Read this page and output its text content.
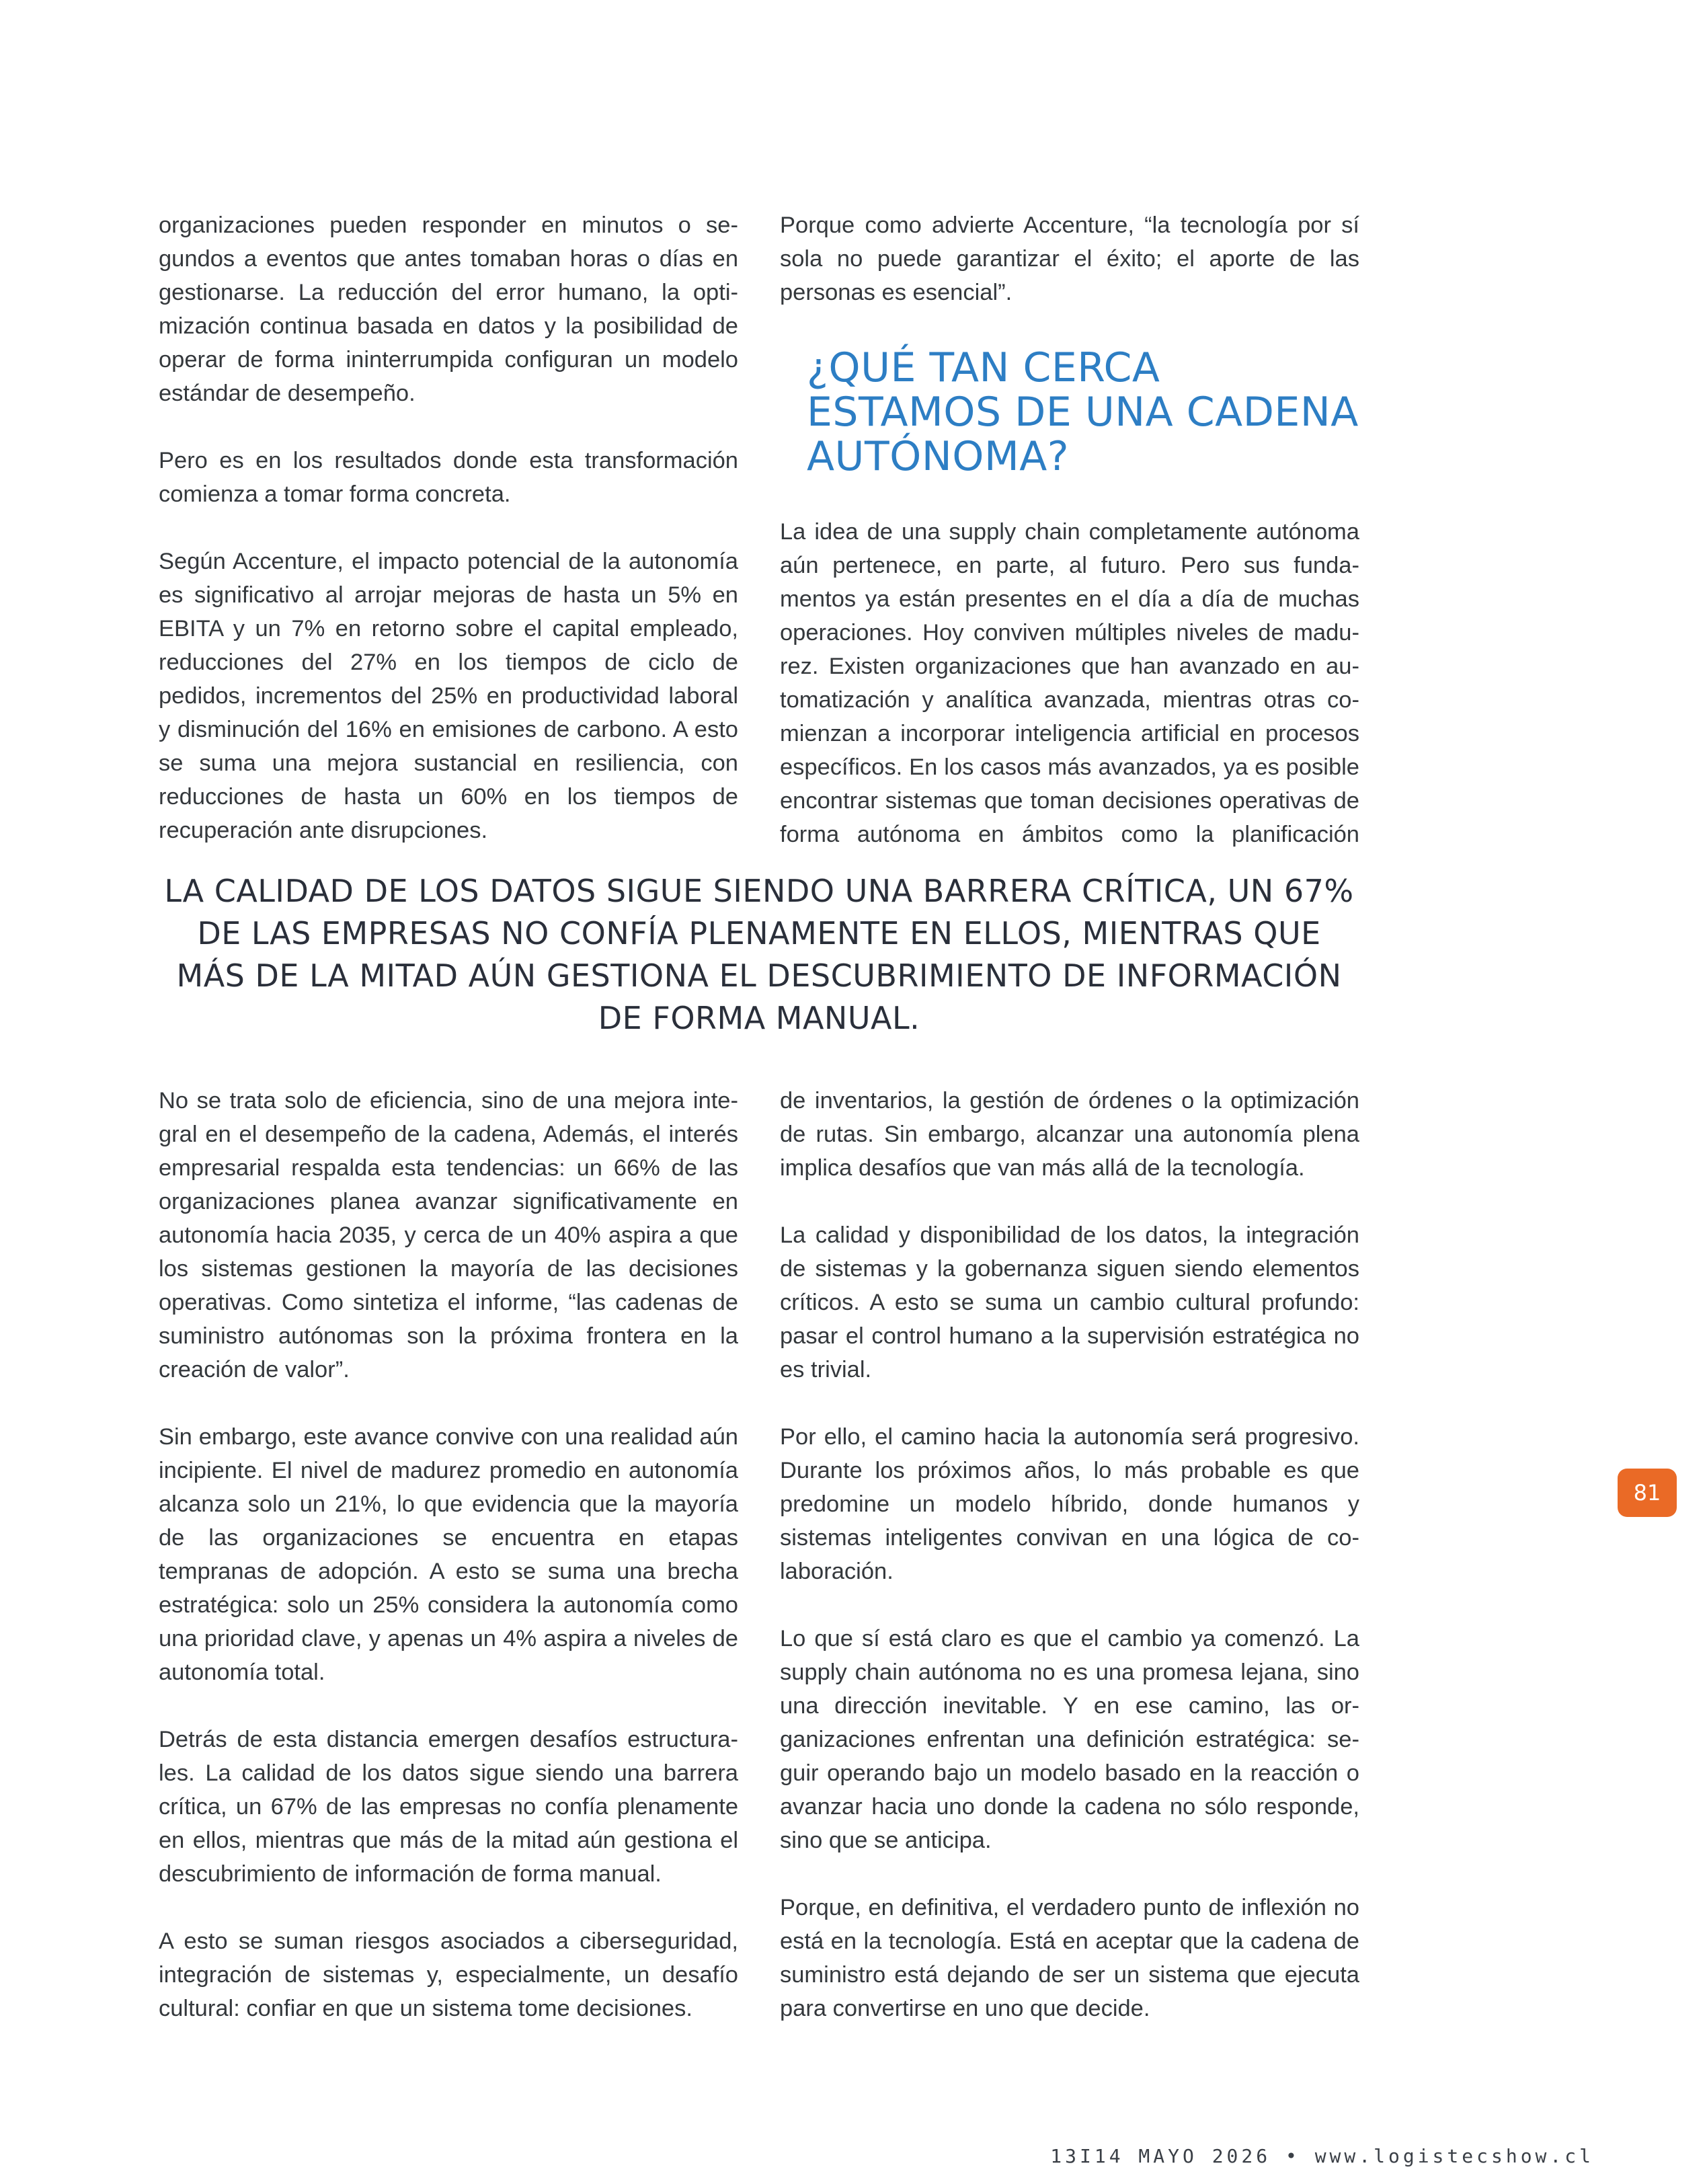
organizaciones pueden responder en minutos o segundos a eventos que antes tomaban horas o días en gestionarse. La reducción del error humano, la optimización continua basada en datos y la posibilidad de operar de forma ininterrumpida configuran un modelo estándar de desempeño.

Pero es en los resultados donde esta transformación comienza a tomar forma concreta.

Según Accenture, el impacto potencial de la autonomía es significativo al arrojar mejoras de hasta un 5% en EBITA y un 7% en retorno sobre el capital empleado, reducciones del 27% en los tiempos de ciclo de pedidos, incrementos del 25% en productividad laboral y disminución del 16% en emisiones de carbono. A esto se suma una mejora sustancial en resiliencia, con reducciones de hasta un 60% en los tiempos de recuperación ante disrupciones.

Porque como advierte Accenture, “la tecnología por sí sola no puede garantizar el éxito; el aporte de las personas es esencial”.

¿QUÉ TAN CERCA ESTAMOS DE UNA CADENA AUTÓNOMA?

La idea de una supply chain completamente autónoma aún pertenece, en parte, al futuro. Pero sus fundamentos ya están presentes en el día a día de muchas operaciones. Hoy conviven múltiples niveles de madurez. Existen organizaciones que han avanzado en automatización y analítica avanzada, mientras otras comienzan a incorporar inteligencia artificial en procesos específicos. En los casos más avanzados, ya es posible encontrar sistemas que toman decisiones operativas de forma autónoma en ámbitos como la planificación

LA CALIDAD DE LOS DATOS SIGUE SIENDO UNA BARRERA CRÍTICA, UN 67% DE LAS EMPRESAS NO CONFÍA PLENAMENTE EN ELLOS, MIENTRAS QUE MÁS DE LA MITAD AÚN GESTIONA EL DESCUBRIMIENTO DE INFORMACIÓN DE FORMA MANUAL.

No se trata solo de eficiencia, sino de una mejora integral en el desempeño de la cadena, Además, el interés empresarial respalda esta tendencias: un 66% de las organizaciones planea avanzar significativamente en autonomía hacia 2035, y cerca de un 40% aspira a que los sistemas gestionen la mayoría de las decisiones operativas. Como sintetiza el informe, “las cadenas de suministro autónomas son la próxima frontera en la creación de valor”.

Sin embargo, este avance convive con una realidad aún incipiente. El nivel de madurez promedio en autonomía alcanza solo un 21%, lo que evidencia que la mayoría de las organizaciones se encuentra en etapas tempranas de adopción. A esto se suma una brecha estratégica: solo un 25% considera la autonomía como una prioridad clave, y apenas un 4% aspira a niveles de autonomía total.

Detrás de esta distancia emergen desafíos estructurales. La calidad de los datos sigue siendo una barrera crítica, un 67% de las empresas no confía plenamente en ellos, mientras que más de la mitad aún gestiona el descubrimiento de información de forma manual.

A esto se suman riesgos asociados a ciberseguridad, integración de sistemas y, especialmente, un desafío cultural: confiar en que un sistema tome decisiones.

de inventarios, la gestión de órdenes o la optimización de rutas. Sin embargo, alcanzar una autonomía plena implica desafíos que van más allá de la tecnología.

La calidad y disponibilidad de los datos, la integración de sistemas y la gobernanza siguen siendo elementos críticos. A esto se suma un cambio cultural profundo: pasar el control humano a la supervisión estratégica no es trivial.

Por ello, el camino hacia la autonomía será progresivo. Durante los próximos años, lo más probable es que predomine un modelo híbrido, donde humanos y sistemas inteligentes convivan en una lógica de colaboración.

Lo que sí está claro es que el cambio ya comenzó. La supply chain autónoma no es una promesa lejana, sino una dirección inevitable. Y en ese camino, las organizaciones enfrentan una definición estratégica: seguir operando bajo un modelo basado en la reacción o avanzar hacia uno donde la cadena no sólo responde, sino que se anticipa.

Porque, en definitiva, el verdadero punto de inflexión no está en la tecnología. Está en aceptar que la cadena de suministro está dejando de ser un sistema que ejecuta para convertirse en uno que decide.

81
13I14 MAYO 2026 • www.logistecshow.cl
